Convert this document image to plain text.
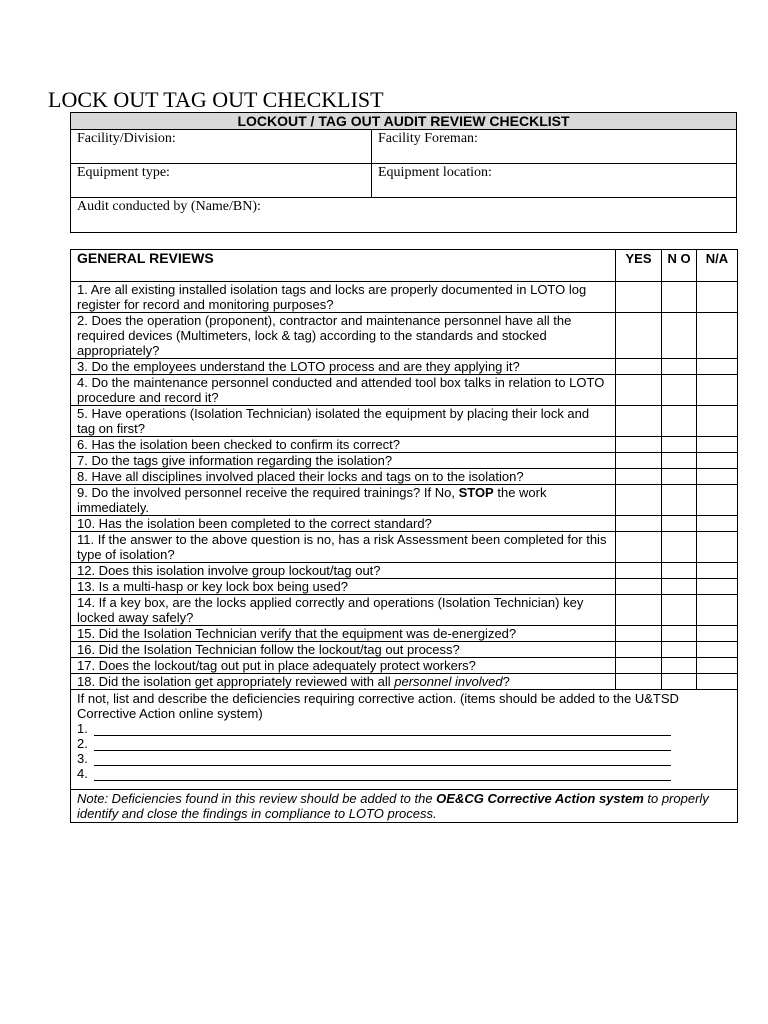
LOCK OUT TAG OUT CHECKLIST
LOCKOUT / TAG OUT AUDIT REVIEW CHECKLIST	
Facility/Division:	Facility Foreman:
Equipment type:	Equipment location:
Audit conducted by (Name/BN):	
GENERAL REVIEWS	YES	N O	N/A
1. Are all existing installed isolation tags and locks are properly documented in LOTO log register for record and monitoring purposes?			
2. Does the operation (proponent), contractor and maintenance personnel have all the required devices (Multimeters, lock & tag) according to the standards and stocked appropriately?			
3. Do the employees understand the LOTO process and are they applying it?			
4. Do the maintenance personnel conducted and attended tool box talks in relation to LOTO procedure and record it?			
5. Have operations (Isolation Technician) isolated the equipment by placing their lock and tag on first?			
6. Has the isolation been checked to confirm its correct?			
7. Do the tags give information regarding the isolation?			
8. Have all disciplines involved placed their locks and tags on to the isolation?			
9. Do the involved personnel receive the required trainings? If No, STOP the work immediately.			
10. Has the isolation been completed to the correct standard?			
11. If the answer to the above question is no, has a risk Assessment been completed for this type of isolation?			
12. Does this isolation involve group lockout/tag out?			
13. Is a multi-hasp or key lock box being used?			
14. If a key box, are the locks applied correctly and operations (Isolation Technician) key locked away safely?			
15. Did the Isolation Technician verify that the equipment was de-energized?			
16. Did the Isolation Technician follow the lockout/tag out process?			
17. Does the lockout/tag out put in place adequately protect workers?			
18. Did the isolation get appropriately reviewed with all personnel involved?			

If not, list and describe the deficiencies requiring corrective action. (items should be added to the U&TSD Corrective Action online system)
1.
2.
3.
4.			

Note: Deficiencies found in this review should be added to the OE&CG Corrective Action system to properly identify and close the findings in compliance to LOTO process.			
